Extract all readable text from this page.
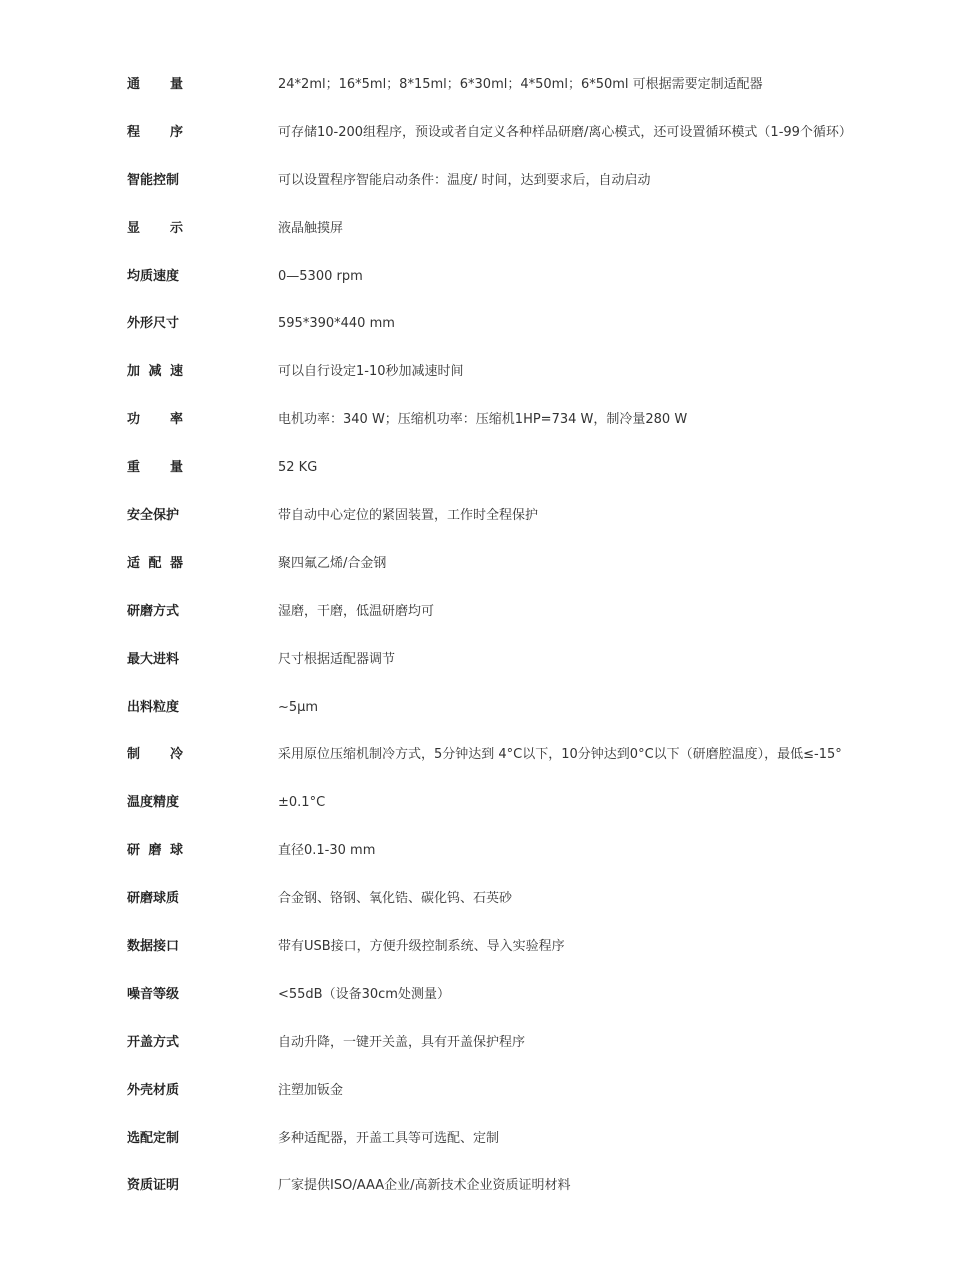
通 量	24*2ml；16*5ml；8*15ml；6*30ml；4*50ml；6*50ml 可根据需要定制适配器
程 序	可存储10-200组程序，预设或者自定义各种样品研磨/离心模式，还可设置循环模式（1-99个循环）
智能控制	可以设置程序智能启动条件：温度/ 时间，达到要求后，自动启动
显 示	液晶触摸屏
均质速度	0—5300 rpm
外形尺寸	595*390*440 mm
加 减 速	可以自行设定1-10秒加减速时间
功 率	电机功率：340 W；压缩机功率：压缩机1HP=734 W，制冷量280 W
重 量	52 KG
安全保护	带自动中心定位的紧固装置，工作时全程保护
适 配 器	聚四氟乙烯/合金钢
研磨方式	湿磨，干磨，低温研磨均可
最大进料	尺寸根据适配器调节
出料粒度	~5μm
制 冷	采用原位压缩机制冷方式，5分钟达到 4°C以下，10分钟达到0°C以下（研磨腔温度），最低≤-15°
温度精度	±0.1°C
研 磨 球	直径0.1-30 mm
研磨球质	合金钢、铬钢、氧化锆、碳化钨、石英砂
数据接口	带有USB接口，方便升级控制系统、导入实验程序
噪音等级	<55dB（设备30cm处测量）
开盖方式	自动升降，一键开关盖，具有开盖保护程序
外壳材质	注塑加钣金
选配定制	多种适配器，开盖工具等可选配、定制
资质证明	厂家提供ISO/AAA企业/高新技术企业资质证明材料
